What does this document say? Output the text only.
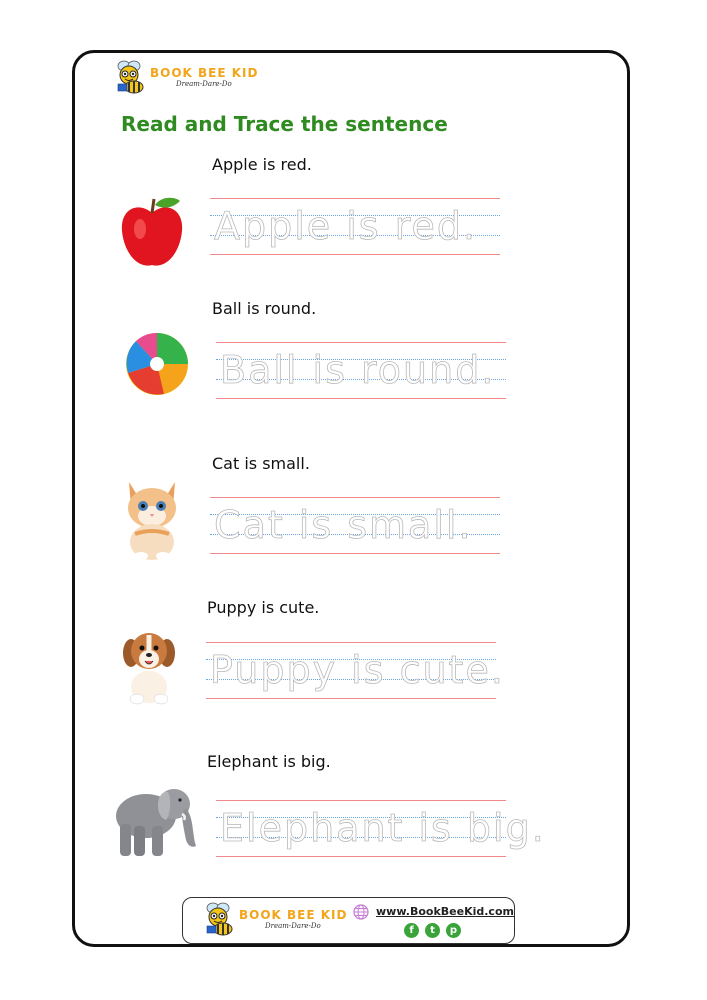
BOOK BEE KID
Dream-Dare-Do
Read and Trace the sentence
Apple is red.
Apple is red.
Ball is round.
Ball is round.
Cat is small.
Cat is small.
Puppy is cute.
Puppy is cute.
Elephant is big.
Elephant is big.
BOOK BEE KID
Dream-Dare-Do
www.BookBeeKid.com
f	t	p
